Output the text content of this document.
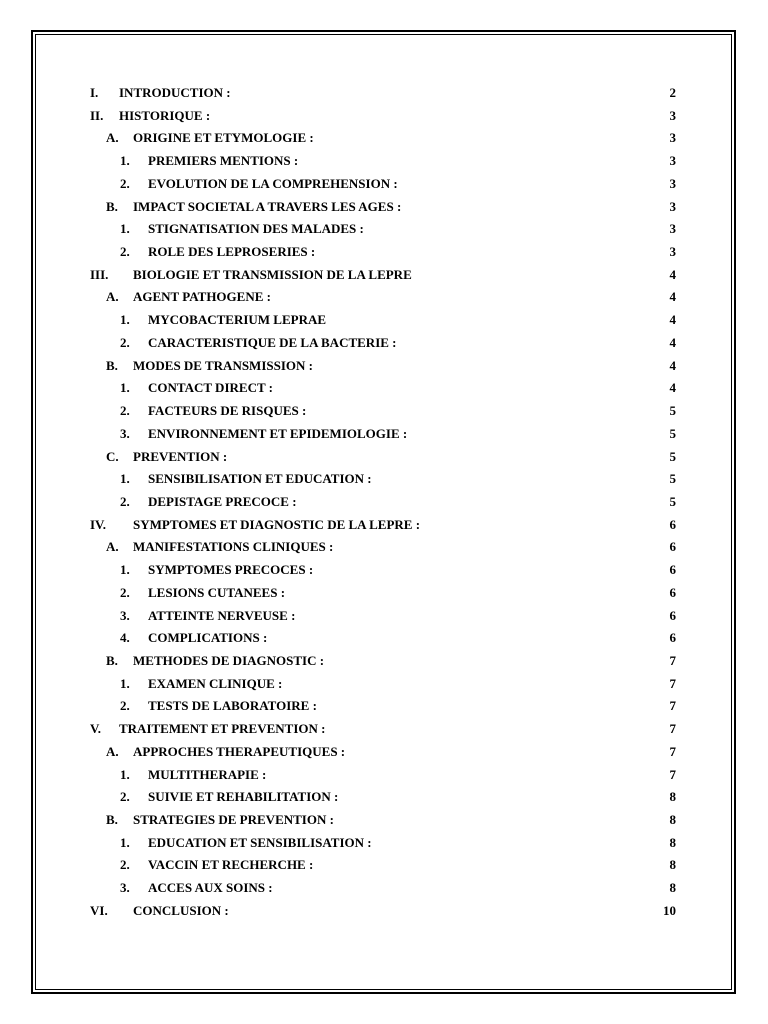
I. INTRODUCTION :	2
II. HISTORIQUE :	3
A. ORIGINE ET ETYMOLOGIE :	3
1. PREMIERS MENTIONS :	3
2. EVOLUTION DE LA COMPREHENSION :	3
B. IMPACT SOCIETAL A TRAVERS LES AGES :	3
1. STIGNATISATION DES MALADES :	3
2. ROLE DES LEPROSERIES :	3
III. BIOLOGIE ET TRANSMISSION DE LA LEPRE	4
A. AGENT PATHOGENE :	4
1. MYCOBACTERIUM LEPRAE	4
2. CARACTERISTIQUE DE LA BACTERIE :	4
B. MODES DE TRANSMISSION :	4
1. CONTACT DIRECT :	4
2. FACTEURS DE RISQUES :	5
3. ENVIRONNEMENT ET EPIDEMIOLOGIE :	5
C. PREVENTION :	5
1. SENSIBILISATION ET EDUCATION :	5
2. DEPISTAGE PRECOCE :	5
IV. SYMPTOMES ET DIAGNOSTIC DE LA LEPRE :	6
A. MANIFESTATIONS CLINIQUES :	6
1. SYMPTOMES PRECOCES :	6
2. LESIONS CUTANEES :	6
3. ATTEINTE NERVEUSE :	6
4. COMPLICATIONS :	6
B. METHODES DE DIAGNOSTIC :	7
1. EXAMEN CLINIQUE :	7
2. TESTS DE LABORATOIRE :	7
V. TRAITEMENT ET PREVENTION :	7
A. APPROCHES THERAPEUTIQUES :	7
1. MULTITHERAPIE :	7
2. SUIVIE ET REHABILITATION :	8
B. STRATEGIES DE PREVENTION :	8
1. EDUCATION ET SENSIBILISATION :	8
2. VACCIN ET RECHERCHE :	8
3. ACCES AUX SOINS :	8
VI. CONCLUSION :	10
